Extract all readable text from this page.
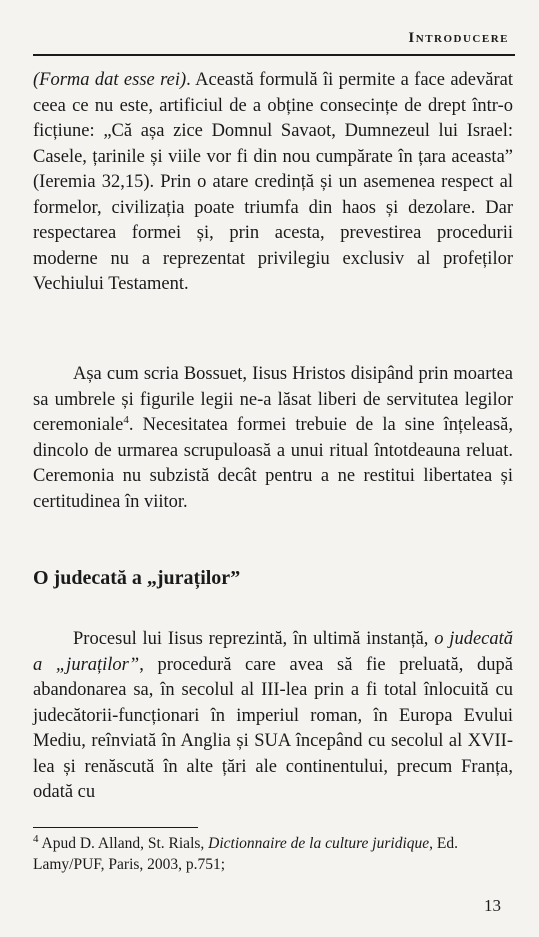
Introducere

(Forma dat esse rei). Această formulă îi permite a face adevărat ceea ce nu este, artificiul de a obține consecințe de drept într-o ficțiune: „Că așa zice Domnul Savaot, Dumnezeul lui Israel: Casele, țarinile și viile vor fi din nou cumpărate în țara aceasta” (Ieremia 32,15). Prin o atare credință și un asemenea respect al formelor, civilizația poate triumfa din haos și dezolare. Dar respectarea formei și, prin acesta, prevestirea procedurii moderne nu a reprezentat privilegiu exclusiv al profeților Vechiului Testament.

Așa cum scria Bossuet, Iisus Hristos disipând prin moartea sa umbrele și figurile legii ne-a lăsat liberi de servitutea legilor ceremoniale$^4$. Necesitatea formei trebuie de la sine înțeleasă, dincolo de urmarea scrupuloasă a unui ritual întotdeauna reluat. Ceremonia nu subzistă decât pentru a ne restitui libertatea și certitudinea în viitor.

O judecată a „juraților”

Procesul lui Iisus reprezintă, în ultimă instanță, o judecată a „juraților”, procedură care avea să fie preluată, după abandonarea sa, în secolul al III-lea prin a fi total înlocuită cu judecătorii-funcționari în imperiul roman, în Europa Evului Mediu, reînviată în Anglia și SUA începând cu secolul al XVII-lea și renăscută în alte țări ale continentului, precum Franța, odată cu

$^4$ Apud D. Alland, St. Rials, Dictionnaire de la culture juridique, Ed. Lamy/PUF, Paris, 2003, p.751;

13
